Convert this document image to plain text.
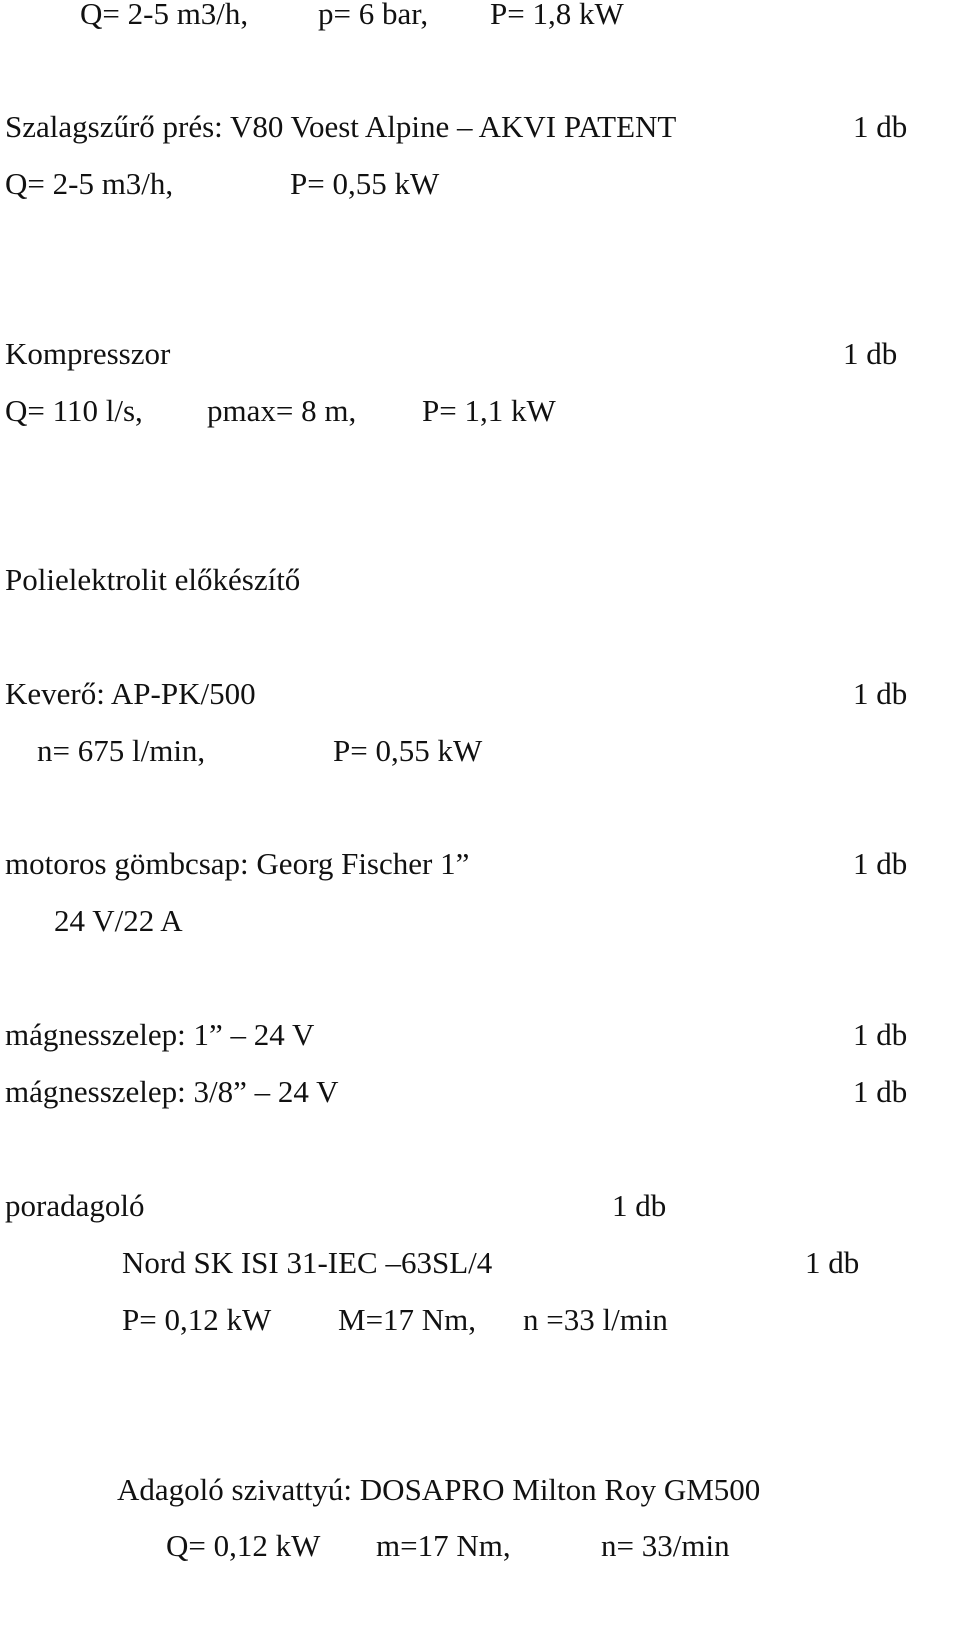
Q= 2-5 m3/h, p= 6 bar, P= 1,8 kW
Szalagszűrő prés: V80 Voest Alpine – AKVI PATENT	1 db
Q= 2-5 m3/h,	P= 0,55 kW
Kompresszor	1 db
Q= 110 l/s, pmax= 8 m, P= 1,1 kW
Polielektrolit előkészítő
Keverő: AP-PK/500	1 db
n= 675 l/min,	P= 0,55 kW
motoros gömbcsap: Georg Fischer 1”	1 db
24 V/22 A
mágnesszelep: 1” – 24 V	1 db
mágnesszelep: 3/8” – 24 V	1 db
poradagoló	1 db
Nord SK ISI 31-IEC –63SL/4	1 db
P= 0,12 kW M=17 Nm, n =33 l/min
Adagoló szivattyú: DOSAPRO Milton Roy GM500
Q= 0,12 kW m=17 Nm,	n= 33/min
